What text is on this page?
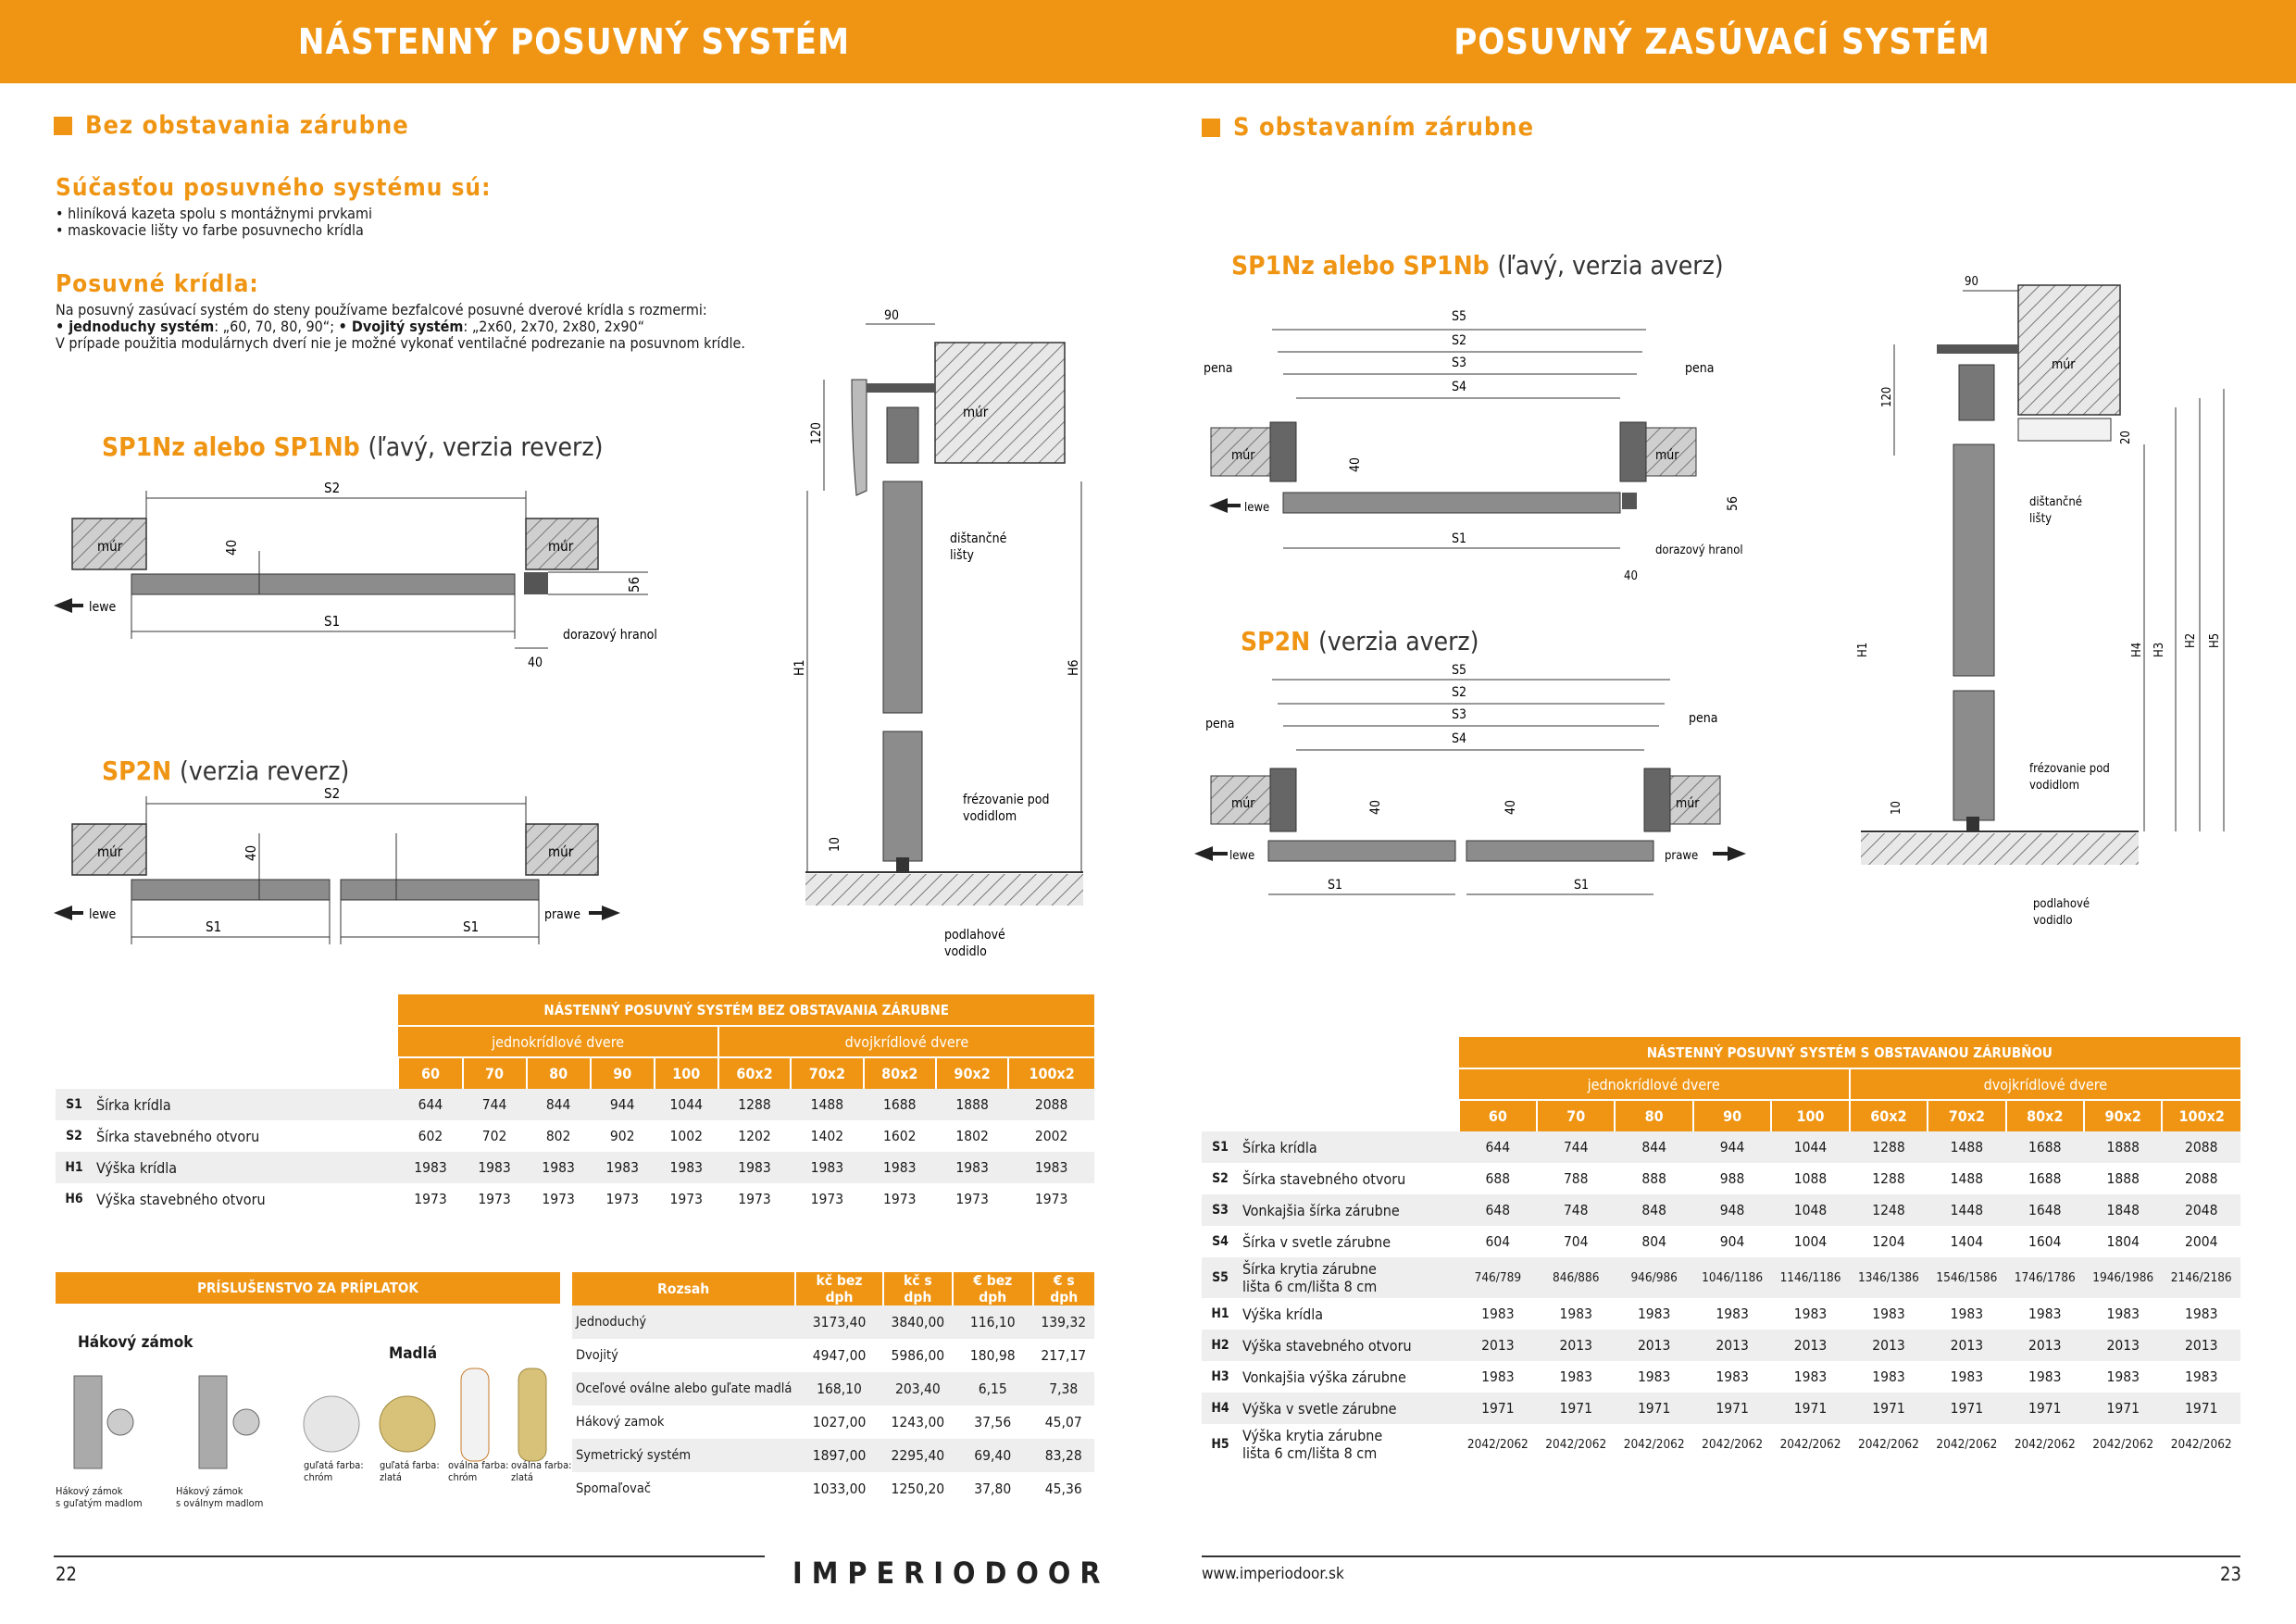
NÁSTENNÝ POSUVNÝ SYSTÉM
Bez obstavania zárubne
Súčasťou posuvného systému sú:
• hliníková kazeta spolu s montážnymi prvkami
• maskovacie lišty vo farbe posuvnecho krídla
Posuvné krídla:
Na posuvný zasúvací systém do steny používame bezfalcové posuvné dverové krídla s rozmermi:
• jednoduchy systém: „60, 70, 80, 90“; • Dvojitý systém: „2x60, 2x70, 2x80, 2x90“
V prípade použitia modulárnych dverí nie je možné vykonať ventilačné podrezanie na posuvnom krídle.
SP1Nz alebo SP1Nb (ľavý, verzia reverz)
SP2N (verzia reverz)
múr	múr
S2
S1
40
56
dorazový hranol
40
lewe
múr	múr
S2
S1	S1
40
lewe	prawe
múr
90
120
H1	H6
10
dištančné
lišty
frézovanie pod
vodidlom
podlahové
vodidlo
		NÁSTENNÝ POSUVNÝ SYSTÉM BEZ OBSTAVANIA ZÁRUBNE									
		jednokrídlové dvere					dvojkrídlové dvere				
		60	70	80	90	100	60x2	70x2	80x2	90x2	100x2
S1	Šírka krídla	644	744	844	944	1044	1288	1488	1688	1888	2088
S2	Šírka stavebného otvoru	602	702	802	902	1002	1202	1402	1602	1802	2002
H1	Výška krídla	1983	1983	1983	1983	1983	1983	1983	1983	1983	1983
H6	Výška stavebného otvoru	1973	1973	1973	1973	1973	1973	1973	1973	1973	1973
PRÍSLUŠENSTVO ZA PRÍPLATOK
Hákový zámok
Madlá
Hákový zámok
s guľatým madlom
Hákový zámok
s oválnym madlom
guľatá farba:
chróm
guľatá farba:
zlatá
oválna farba:
chróm
oválna farba:
zlatá
Rozsah	kč bez dph	kč s dph	€ bez dph	€ s dph
Jednoduchý	3173,40	3840,00	116,10	139,32
Dvojitý	4947,00	5986,00	180,98	217,17
Oceľové oválne alebo guľate madlá	168,10	203,40	6,15	7,38
Hákový zamok	1027,00	1243,00	37,56	45,07
Symetrický systém	1897,00	2295,40	69,40	83,28
Spomaľovač	1033,00	1250,20	37,80	45,36
22	IMPERIODOOR
POSUVNÝ ZASÚVACÍ SYSTÉM
S obstavaním zárubne
SP1Nz alebo SP1Nb (ľavý, verzia averz)
SP2N (verzia averz)
múr	múr
pena	pena
S5
S2
S3
S4
S1
40
56
dorazový hranol
40
lewe
múr	múr
pena	pena
S5
S2
S3
S4
S1	S1
40	40
lewe	prawe
múr
90
120
H1
20
H4 H3
10
dištančné
lišty
frézovanie pod
vodidlom
podlahové
vodidlo
H2 H5
		NÁSTENNÝ POSUVNÝ SYSTÉM S OBSTAVANOU ZÁRUBŇOU									
		jednokrídlové dvere					dvojkrídlové dvere				
		60	70	80	90	100	60x2	70x2	80x2	90x2	100x2
S1	Šírka krídla	644	744	844	944	1044	1288	1488	1688	1888	2088
S2	Šírka stavebného otvoru	688	788	888	988	1088	1288	1488	1688	1888	2088
S3	Vonkajšia šírka zárubne	648	748	848	948	1048	1248	1448	1648	1848	2048
S4	Šírka v svetle zárubne	604	704	804	904	1004	1204	1404	1604	1804	2004
S5	Šírka krytia zárubne
lišta 6 cm/lišta 8 cm	746/789	846/886	946/986	1046/1186	1146/1186	1346/1386	1546/1586	1746/1786	1946/1986	2146/2186
H1	Výška krídla	1983	1983	1983	1983	1983	1983	1983	1983	1983	1983
H2	Výška stavebného otvoru	2013	2013	2013	2013	2013	2013	2013	2013	2013	2013
H3	Vonkajšia výška zárubne	1983	1983	1983	1983	1983	1983	1983	1983	1983	1983
H4	Výška v svetle zárubne	1971	1971	1971	1971	1971	1971	1971	1971	1971	1971
H5	Výška krytia zárubne
lišta 6 cm/lišta 8 cm	2042/2062	2042/2062	2042/2062	2042/2062	2042/2062	2042/2062	2042/2062	2042/2062	2042/2062	2042/2062
www.imperiodoor.sk	23
